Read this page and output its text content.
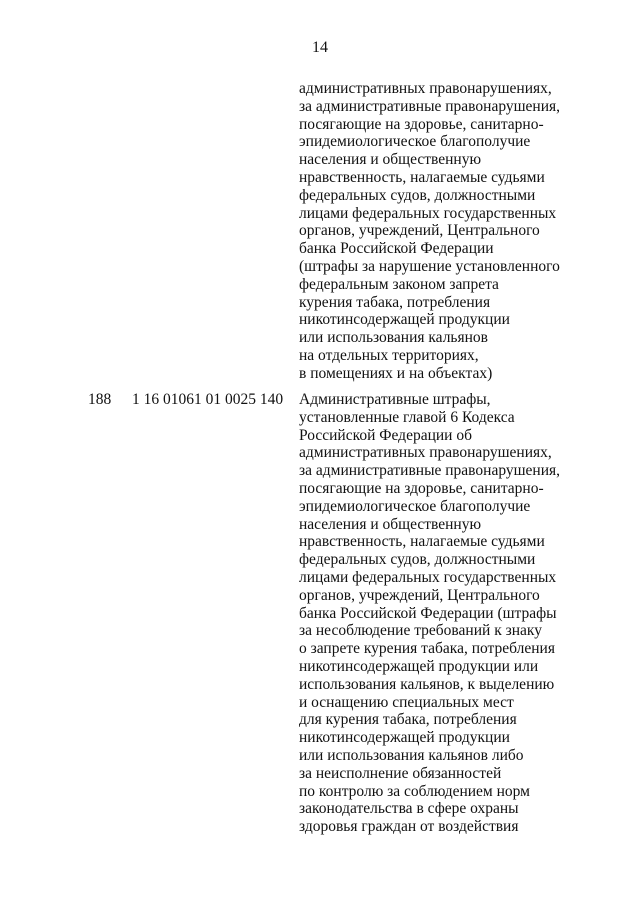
14
административных правонарушениях,
за административные правонарушения,
посягающие на здоровье, санитарно-
эпидемиологическое благополучие
населения и общественную
нравственность, налагаемые судьями
федеральных судов, должностными
лицами федеральных государственных
органов, учреждений, Центрального
банка Российской Федерации
(штрафы за нарушение установленного
федеральным законом запрета
курения табака, потребления
никотинсодержащей продукции
или использования кальянов
на отдельных территориях,
в помещениях и на объектах)
188 1 16 01061 01 0025 140 Административные штрафы,
установленные главой 6 Кодекса
Российской Федерации об
административных правонарушениях,
за административные правонарушения,
посягающие на здоровье, санитарно-
эпидемиологическое благополучие
населения и общественную
нравственность, налагаемые судьями
федеральных судов, должностными
лицами федеральных государственных
органов, учреждений, Центрального
банка Российской Федерации (штрафы
за несоблюдение требований к знаку
о запрете курения табака, потребления
никотинсодержащей продукции или
использования кальянов, к выделению
и оснащению специальных мест
для курения табака, потребления
никотинсодержащей продукции
или использования кальянов либо
за неисполнение обязанностей
по контролю за соблюдением норм
законодательства в сфере охраны
здоровья граждан от воздействия
